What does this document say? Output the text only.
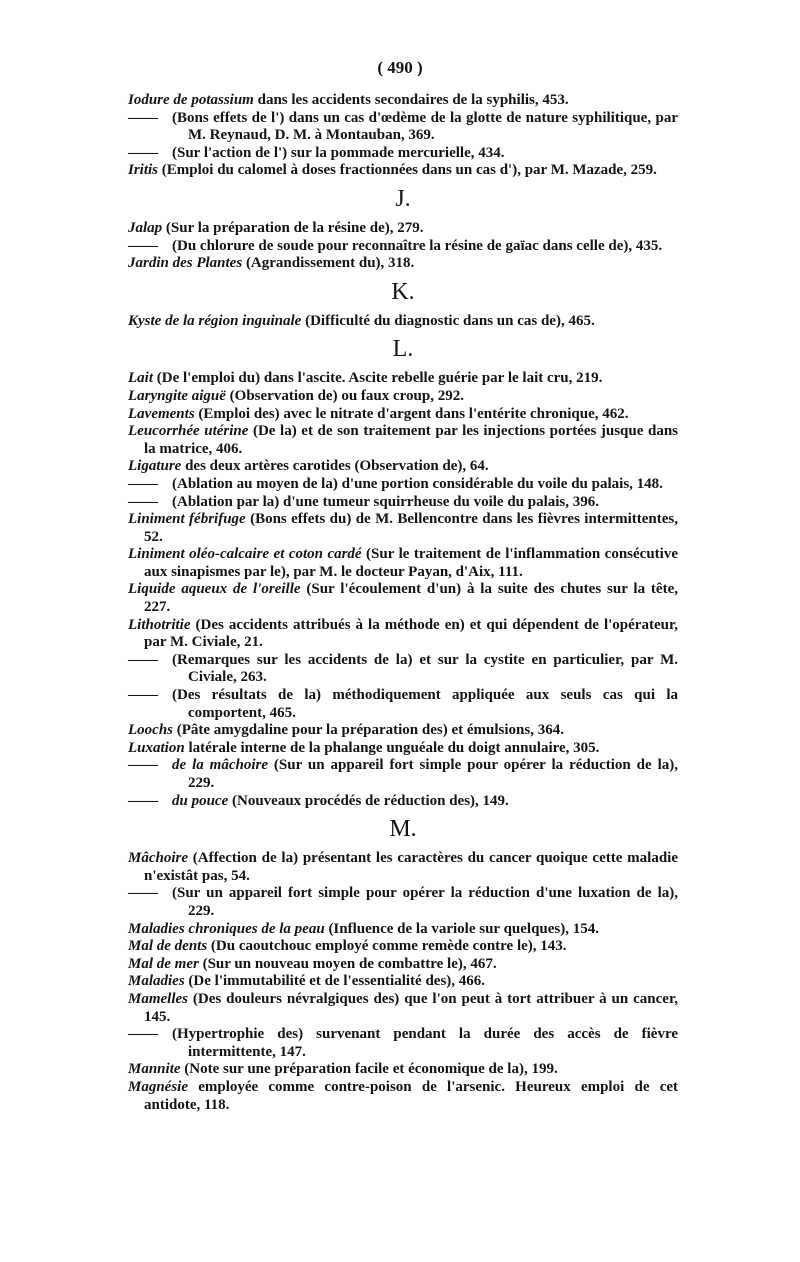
( 490 )

Iodure de potassium dans les accidents secondaires de la syphilis, 453.

—— (Bons effets de l') dans un cas d'œdème de la glotte de nature syphilitique, par M. Reynaud, D. M. à Montauban, 369.

—— (Sur l'action de l') sur la pommade mercurielle, 434.

Iritis (Emploi du calomel à doses fractionnées dans un cas d'), par M. Mazade, 259.

J.

Jalap (Sur la préparation de la résine de), 279.

—— (Du chlorure de soude pour reconnaître la résine de gaïac dans celle de), 435.

Jardin des Plantes (Agrandissement du), 318.

K.

Kyste de la région inguinale (Difficulté du diagnostic dans un cas de), 465.

L.

Lait (De l'emploi du) dans l'ascite. Ascite rebelle guérie par le lait cru, 219.

Laryngite aiguë (Observation de) ou faux croup, 292.

Lavements (Emploi des) avec le nitrate d'argent dans l'entérite chronique, 462.

Leucorrhée utérine (De la) et de son traitement par les injections portées jusque dans la matrice, 406.

Ligature des deux artères carotides (Observation de), 64.

—— (Ablation au moyen de la) d'une portion considérable du voile du palais, 148.

—— (Ablation par la) d'une tumeur squirrheuse du voile du palais, 396.

Liniment fébrifuge (Bons effets du) de M. Bellencontre dans les fièvres intermittentes, 52.

Liniment oléo-calcaire et coton cardé (Sur le traitement de l'inflammation consécutive aux sinapismes par le), par M. le docteur Payan, d'Aix, 111.

Liquide aqueux de l'oreille (Sur l'écoulement d'un) à la suite des chutes sur la tête, 227.

Lithotritie (Des accidents attribués à la méthode en) et qui dépendent de l'opérateur, par M. Civiale, 21.

—— (Remarques sur les accidents de la) et sur la cystite en particulier, par M. Civiale, 263.

—— (Des résultats de la) méthodiquement appliquée aux seuls cas qui la comportent, 465.

Loochs (Pâte amygdaline pour la préparation des) et émulsions, 364.

Luxation latérale interne de la phalange unguéale du doigt annulaire, 305.

—— de la mâchoire (Sur un appareil fort simple pour opérer la réduction de la), 229.

—— du pouce (Nouveaux procédés de réduction des), 149.

M.

Mâchoire (Affection de la) présentant les caractères du cancer quoique cette maladie n'existât pas, 54.

—— (Sur un appareil fort simple pour opérer la réduction d'une luxation de la), 229.

Maladies chroniques de la peau (Influence de la variole sur quelques), 154.

Mal de dents (Du caoutchouc employé comme remède contre le), 143.

Mal de mer (Sur un nouveau moyen de combattre le), 467.

Maladies (De l'immutabilité et de l'essentialité des), 466.

Mamelles (Des douleurs névralgiques des) que l'on peut à tort attribuer à un cancer, 145.

—— (Hypertrophie des) survenant pendant la durée des accès de fièvre intermittente, 147.

Mannite (Note sur une préparation facile et économique de la), 199.

Magnésie employée comme contre-poison de l'arsenic. Heureux emploi de cet antidote, 118.
